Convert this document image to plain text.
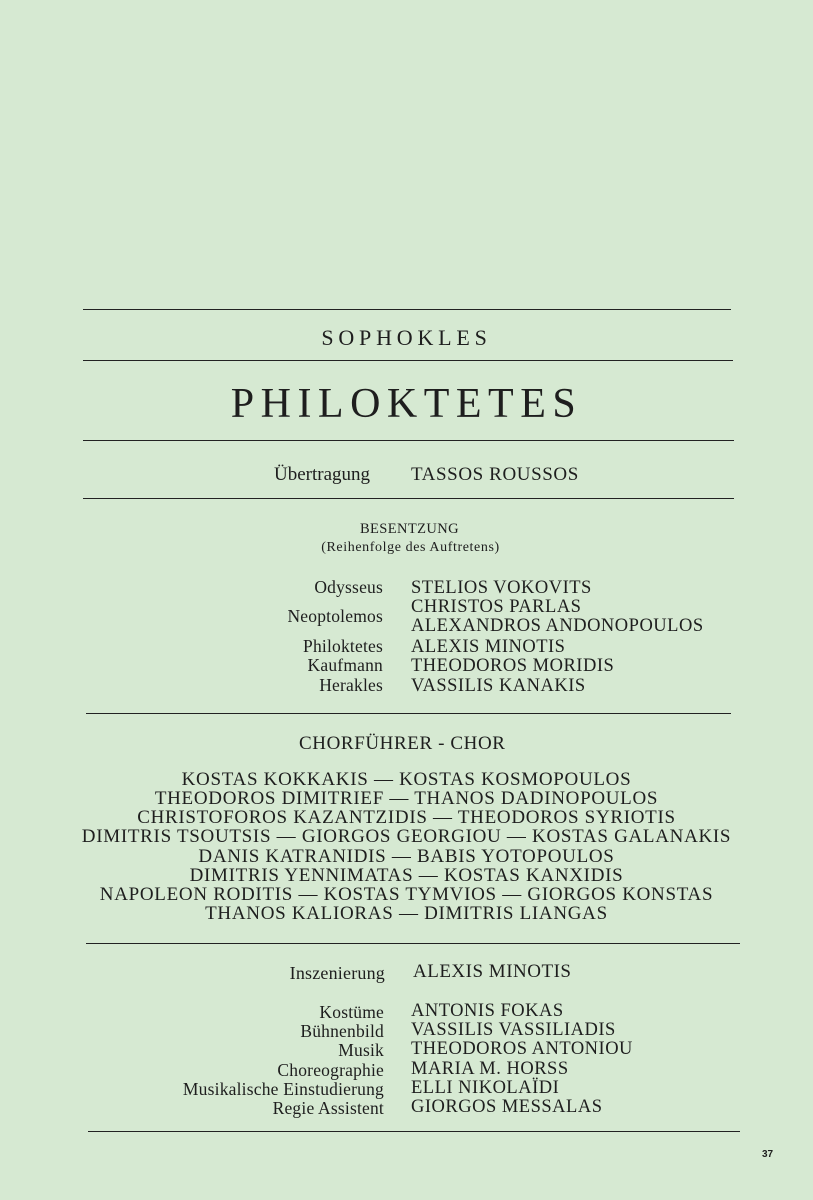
SOPHOKLES
PHILOKTETES
Übertragung TASSOS ROUSSOS
BESENTZUNG
(Reihenfolge des Auftretens)
Odysseus STELIOS VOKOVITS
Neoptolemos CHRISTOS PARLAS
ALEXANDROS ANDONOPOULOS
Philoktetes ALEXIS MINOTIS
Kaufmann THEODOROS MORIDIS
Herakles VASSILIS KANAKIS
CHORFÜHRER - CHOR
KOSTAS KOKKAKIS — KOSTAS KOSMOPOULOS
THEODOROS DIMITRIEF — THANOS DADINOPOULOS
CHRISTOFOROS KAZANTZIDIS — THEODOROS SYRIOTIS
DIMITRIS TSOUTSIS — GIORGOS GEORGIOU — KOSTAS GALANAKIS
DANIS KATRANIDIS — BABIS YOTOPOULOS
DIMITRIS YENNIMATAS — KOSTAS KANXIDIS
NAPOLEON RODITIS — KOSTAS TYMVIOS — GIORGOS KONSTAS
THANOS KALIORAS — DIMITRIS LIANGAS
Inszenierung ALEXIS MINOTIS
Kostüme ANTONIS FOKAS
Bühnenbild VASSILIS VASSILIADIS
Musik THEODOROS ANTONIOU
Choreographie MARIA M. HORSS
Musikalische Einstudierung ELLI NIKOLAÏDI
Regie Assistent GIORGOS MESSALAS
37
